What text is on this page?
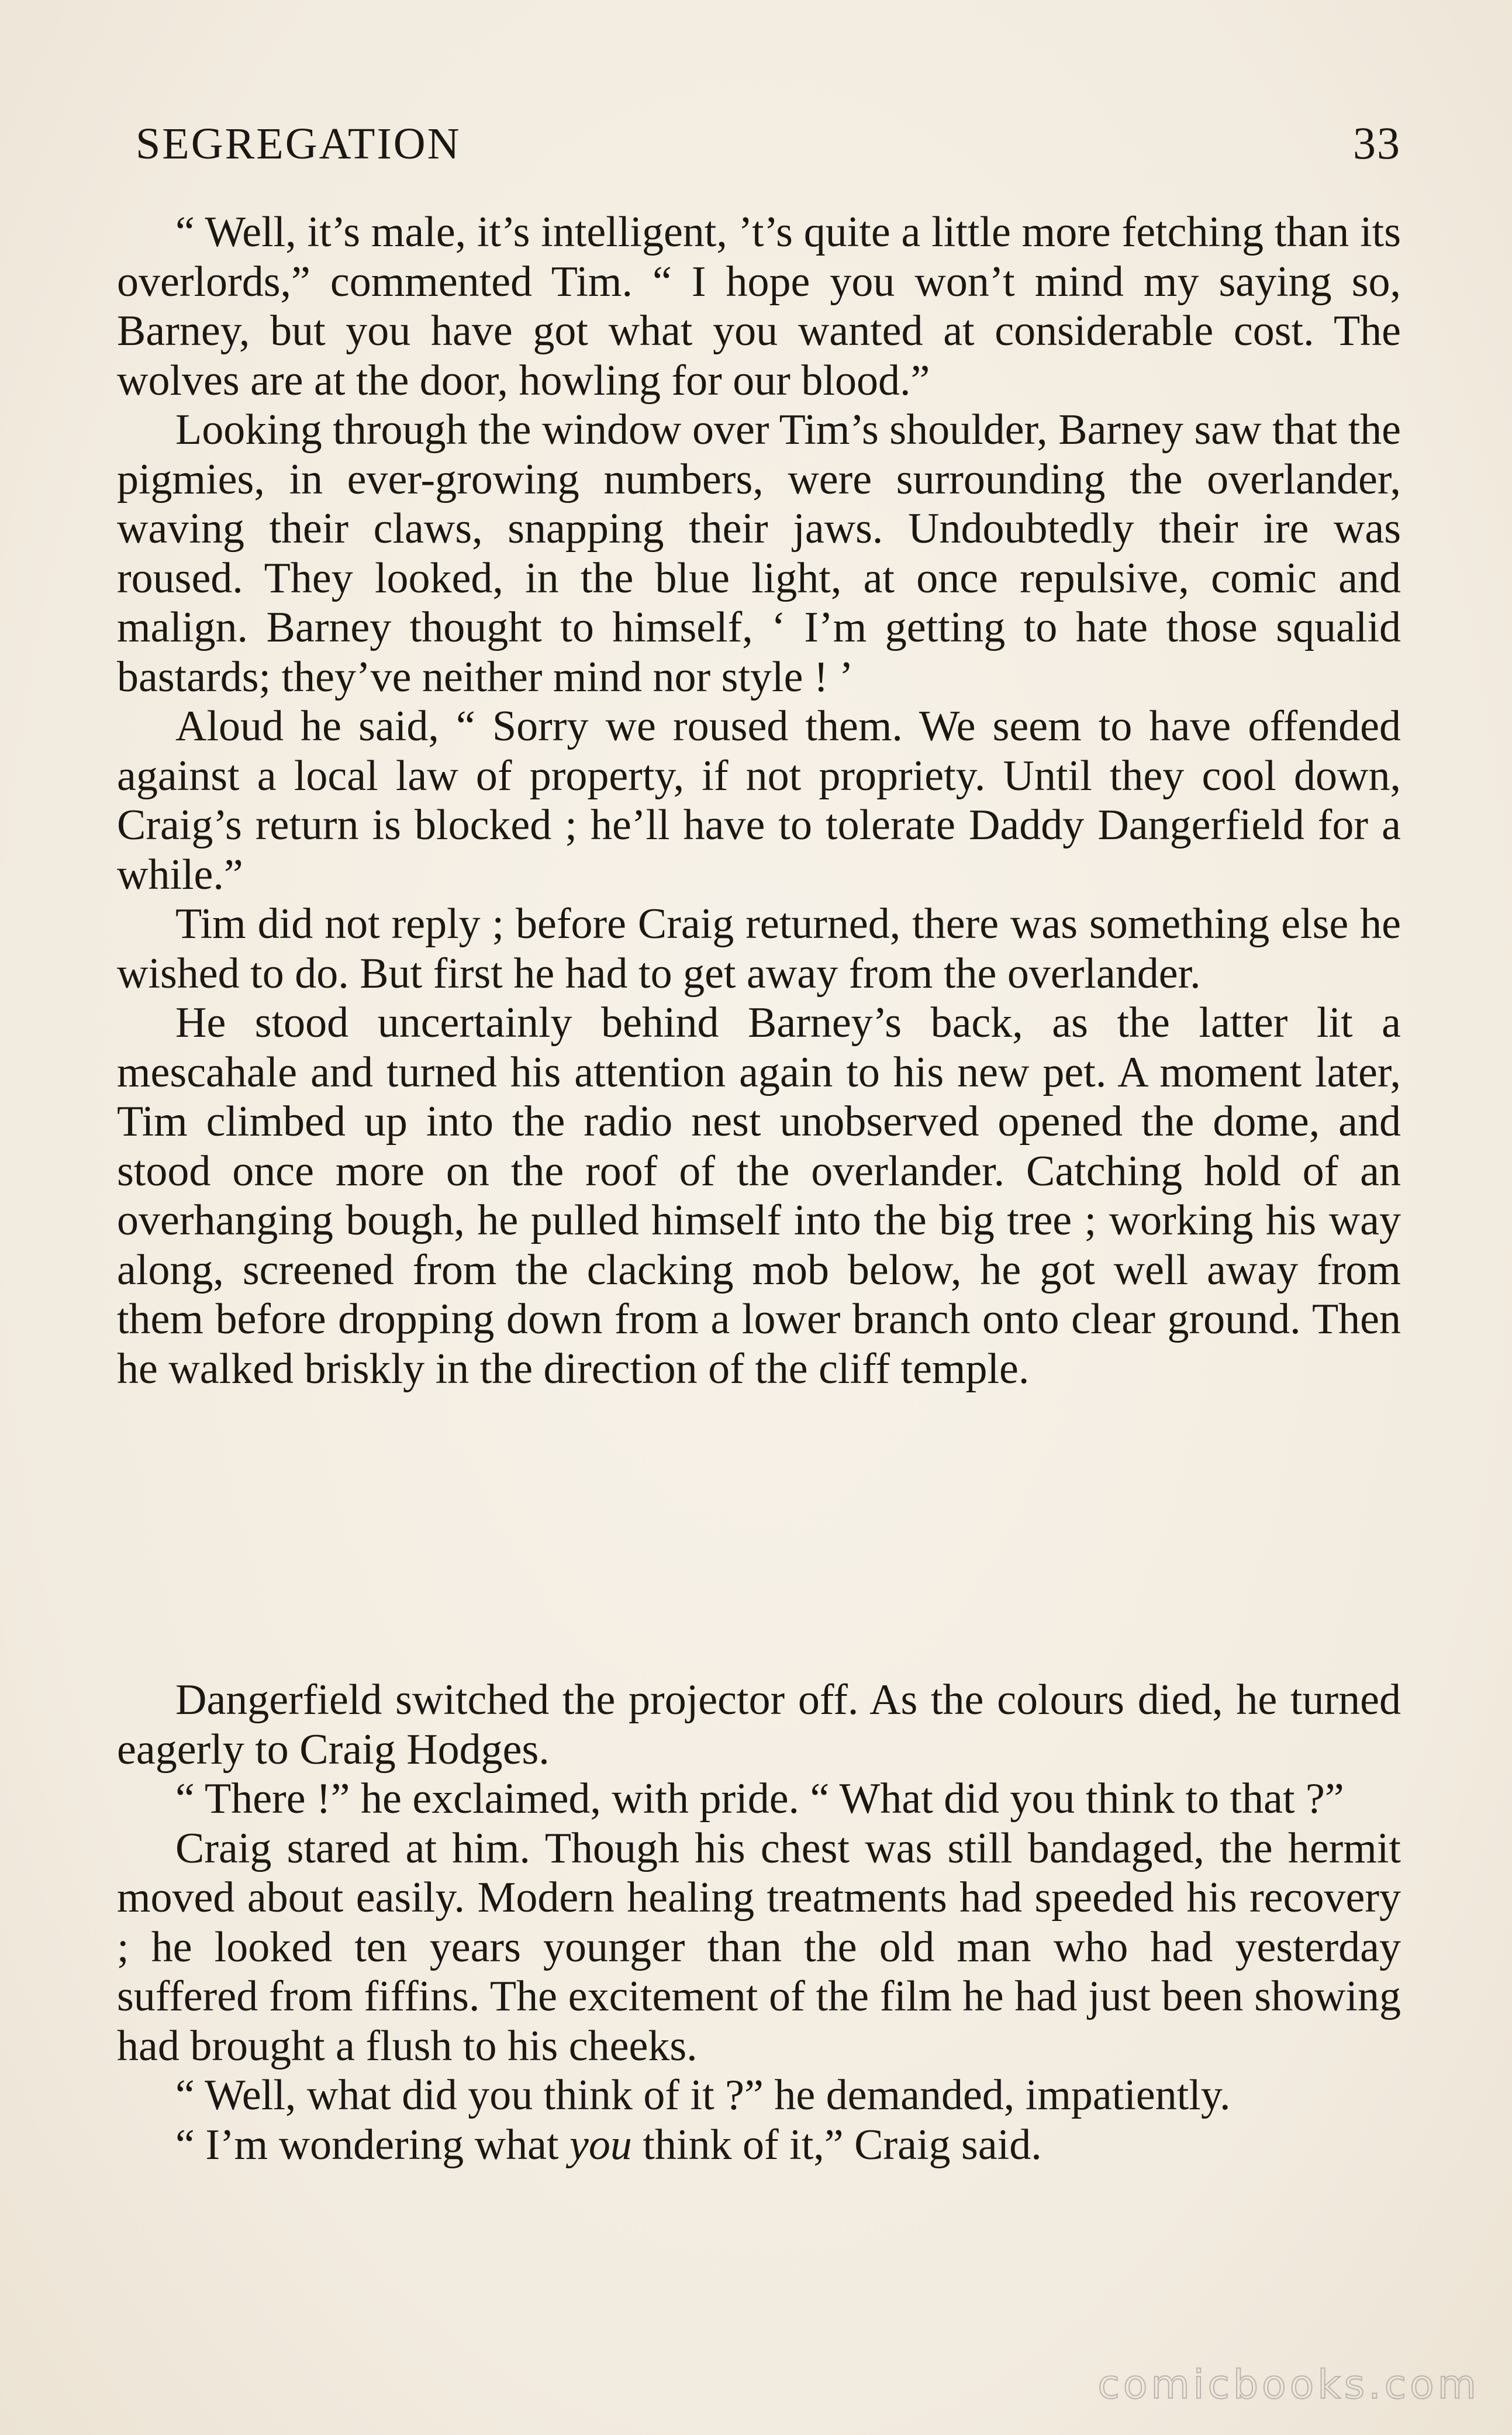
SEGREGATION	33

“ Well, it’s male, it’s intelligent, ’t’s quite a little more fetching than its overlords,” commented Tim. “ I hope you won’t mind my saying so, Barney, but you have got what you wanted at considerable cost. The wolves are at the door, howling for our blood.”

Looking through the window over Tim’s shoulder, Barney saw that the pigmies, in ever-growing numbers, were surrounding the overlander, waving their claws, snapping their jaws. Undoubtedly their ire was roused. They looked, in the blue light, at once repulsive, comic and malign. Barney thought to himself, ‘ I’m getting to hate those squalid bastards; they’ve neither mind nor style ! ’

Aloud he said, “ Sorry we roused them. We seem to have offended against a local law of property, if not propriety. Until they cool down, Craig’s return is blocked ; he’ll have to tolerate Daddy Dangerfield for a while.”

Tim did not reply ; before Craig returned, there was something else he wished to do. But first he had to get away from the overlander.

He stood uncertainly behind Barney’s back, as the latter lit a mescahale and turned his attention again to his new pet. A moment later, Tim climbed up into the radio nest unobserved opened the dome, and stood once more on the roof of the overlander. Catching hold of an overhanging bough, he pulled himself into the big tree ; working his way along, screened from the clacking mob below, he got well away from them before dropping down from a lower branch onto clear ground. Then he walked briskly in the direction of the cliff temple.

Dangerfield switched the projector off. As the colours died, he turned eagerly to Craig Hodges.

“ There !” he exclaimed, with pride. “ What did you think to that ?”

Craig stared at him. Though his chest was still bandaged, the hermit moved about easily. Modern healing treatments had speeded his recovery ; he looked ten years younger than the old man who had yesterday suffered from fiffins. The excitement of the film he had just been showing had brought a flush to his cheeks.

“ Well, what did you think of it ?” he demanded, impatiently.

“ I’m wondering what you think of it,” Craig said.

comicbooks.com
